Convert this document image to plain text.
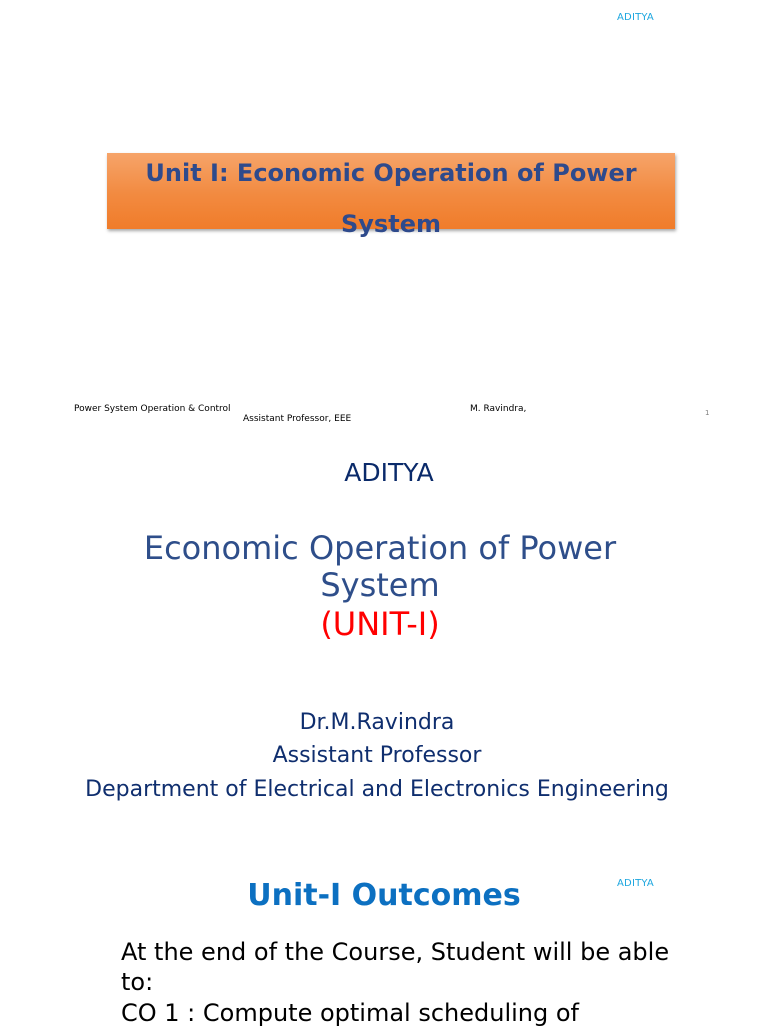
ADITYA
Unit I: Economic Operation of Power
System
Power System Operation & Control
Assistant Professor, EEE
M. Ravindra,	1
ADITYA
Economic Operation of Power
System
(UNIT-I)
Dr.M.Ravindra
Assistant Professor
Department of Electrical and Electronics Engineering
ADITYA
Unit-I Outcomes
At the end of the Course, Student will be able
to:
CO 1 : Compute optimal scheduling of
